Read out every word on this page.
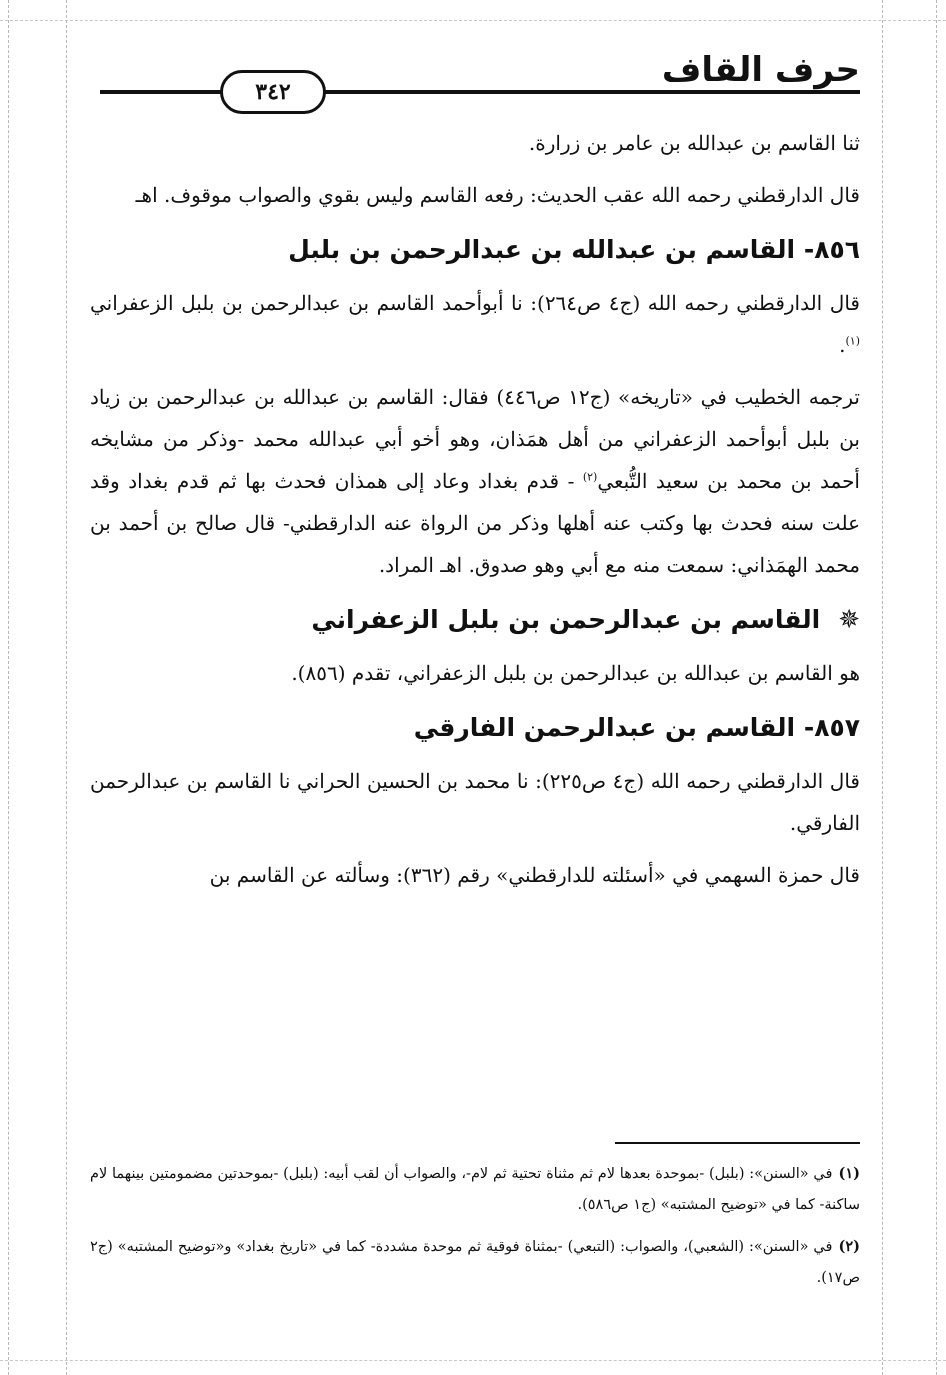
حرف القاف
٣٤٢

ثنا القاسم بن عبدالله بن عامر بن زرارة.

قال الدارقطني رحمه الله عقب الحديث: رفعه القاسم وليس بقوي والصواب موقوف. اهـ

٨٥٦- القاسم بن عبدالله بن عبدالرحمن بن بلبل

قال الدارقطني رحمه الله (ج٤ ص٢٦٤): نا أبوأحمد القاسم بن عبدالرحمن بن بلبل الزعفراني $^{(١)}$.

ترجمه الخطيب في «تاريخه» (ج١٢ ص٤٤٦) فقال: القاسم بن عبدالله بن عبدالرحمن بن زياد بن بلبل أبوأحمد الزعفراني من أهل همَذان، وهو أخو أبي عبدالله محمد -وذكر من مشايخه أحمد بن محمد بن سعيد التُّبعي$^{(٢)}$ - قدم بغداد وعاد إلى همذان فحدث بها ثم قدم بغداد وقد علت سنه فحدث بها وكتب عنه أهلها وذكر من الرواة عنه الدارقطني- قال صالح بن أحمد بن محمد الهمَذاني: سمعت منه مع أبي وهو صدوق. اهـ المراد.

✵
القاسم بن عبدالرحمن بن بلبل الزعفراني

هو القاسم بن عبدالله بن عبدالرحمن بن بلبل الزعفراني، تقدم (٨٥٦).

٨٥٧- القاسم بن عبدالرحمن الفارقي

قال الدارقطني رحمه الله (ج٤ ص٢٢٥): نا محمد بن الحسين الحراني نا القاسم بن عبدالرحمن الفارقي.

قال حمزة السهمي في «أسئلته للدارقطني» رقم (٣٦٢): وسألته عن القاسم بن

(١)في «السنن»: (بلبل) -بموحدة بعدها لام ثم مثناة تحتية ثم لام-، والصواب أن لقب أبيه: (بلبل) -بموحدتين مضمومتين بينهما لام ساكنة- كما في «توضيح المشتبه» (ج١ ص٥٨٦).
(٢)في «السنن»: (الشعبي)، والصواب: (التبعي) -بمثناة فوقية ثم موحدة مشددة- كما في «تاريخ بغداد» و«توضيح المشتبه» (ج٢ ص١٧).
